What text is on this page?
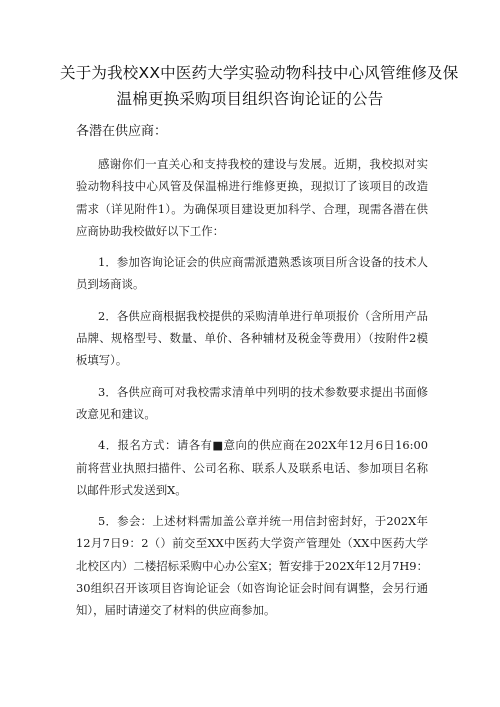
关于为我校XX中医药大学实验动物科技中心风管维修及保
温棉更换采购项目组织咨询论证的公告
各潜在供应商：

感谢你们一直关心和支持我校的建设与发展。近期，我校拟对实验动物科技中心风管及保温棉进行维修更换，现拟订了该项目的改造需求（详见附件1）。为确保项目建设更加科学、合理，现需各潜在供应商协助我校做好以下工作：

1．参加咨询论证会的供应商需派遣熟悉该项目所含设备的技术人员到场商谈。

2．各供应商根据我校提供的采购清单进行单项报价（含所用产品品牌、规格型号、数量、单价、各种辅材及税金等费用）（按附件2模板填写）。

3．各供应商可对我校需求清单中列明的技术参数要求提出书面修改意见和建议。

4．报名方式：请各有■意向的供应商在202X年12月6日16:00前将营业执照扫描件、公司名称、联系人及联系电话、参加项目名称以邮件形式发送到X。

5．参会：上述材料需加盖公章并统一用信封密封好，于202X年12月7日9：2（）前交至XX中医药大学资产管理处（XX中医药大学北校区内）二楼招标采购中心办公室X；暂安排于202X年12月7H9：30组织召开该项目咨询论证会（如咨询论证会时间有调整，会另行通知），届时请递交了材料的供应商参加。
